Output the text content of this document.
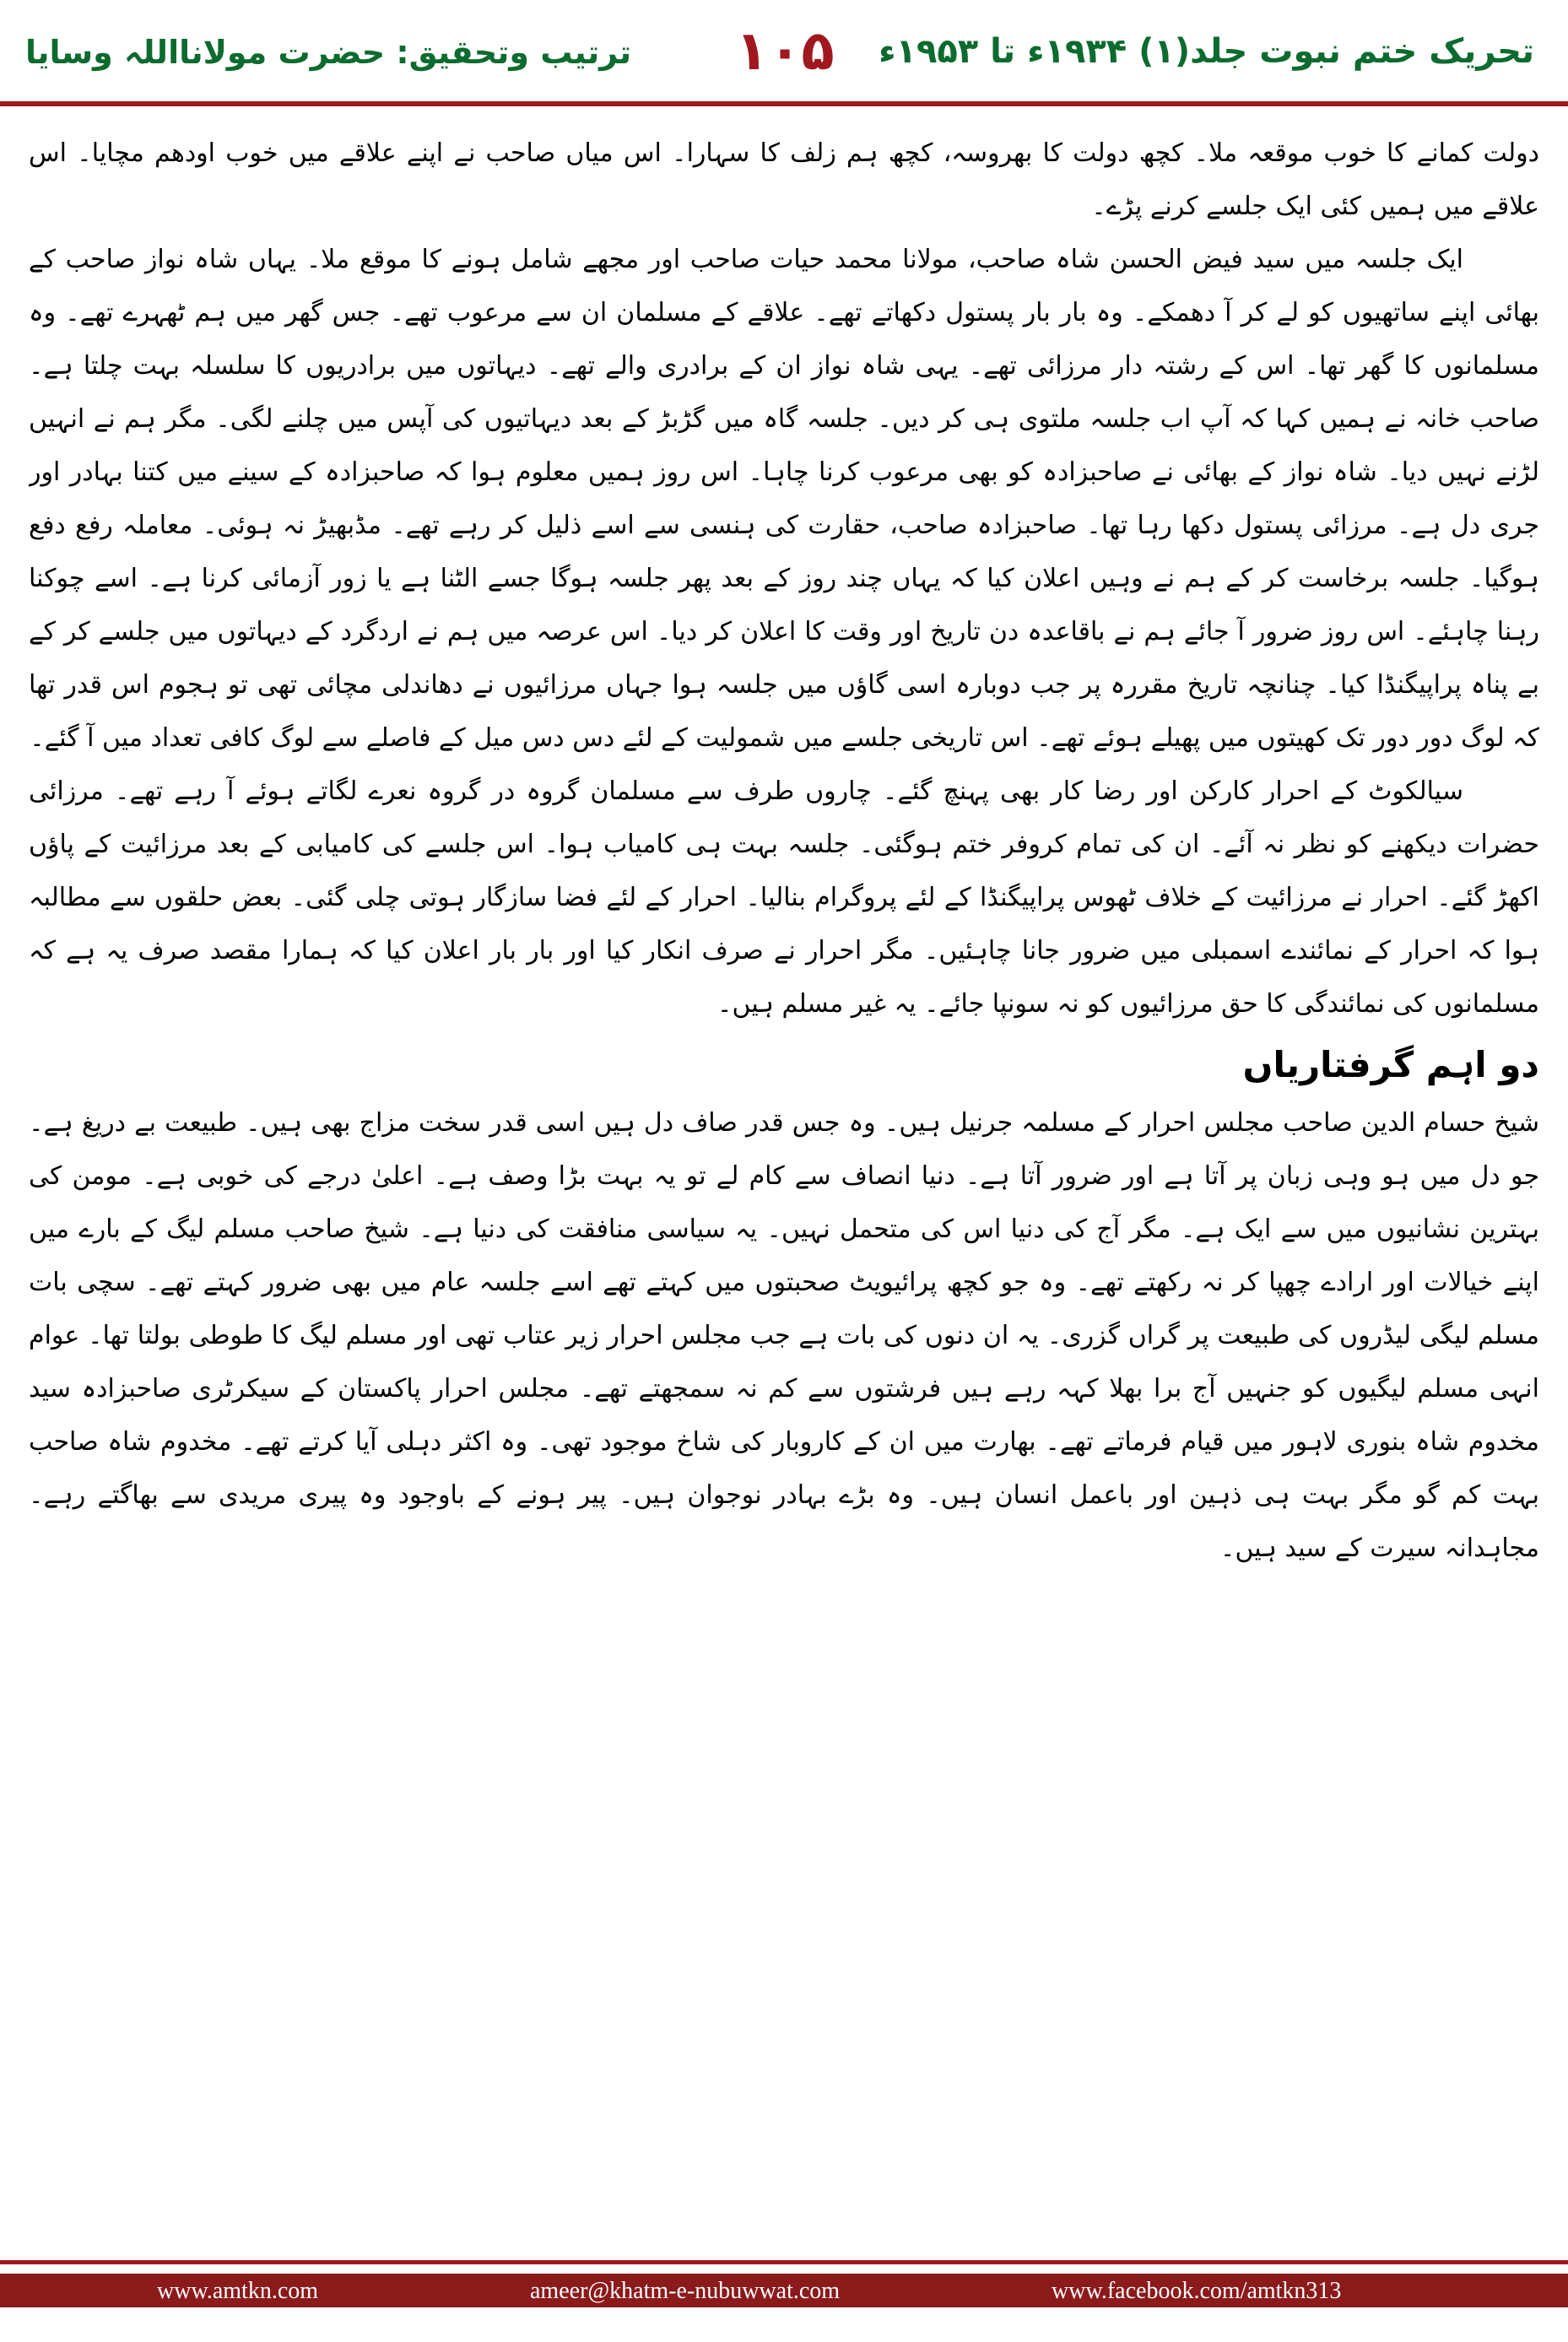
تحریک ختم نبوت جلد(۱) ۱۹۳۴ء تا ۱۹۵۳ء
۱۰۵
ترتیب وتحقیق: حضرت مولانااللہ وسایا

دولت کمانے کا خوب موقعہ ملا۔ کچھ دولت کا بھروسہ، کچھ ہم زلف کا سہارا۔ اس میاں صاحب نے اپنے علاقے میں خوب اودھم مچایا۔ اس علاقے میں ہمیں کئی ایک جلسے کرنے پڑے۔

ایک جلسہ میں سید فیض الحسن شاہ صاحب، مولانا محمد حیات صاحب اور مجھے شامل ہونے کا موقع ملا۔ یہاں شاہ نواز صاحب کے بھائی اپنے ساتھیوں کو لے کر آ دھمکے۔ وہ بار بار پستول دکھاتے تھے۔ علاقے کے مسلمان ان سے مرعوب تھے۔ جس گھر میں ہم ٹھہرے تھے۔ وہ مسلمانوں کا گھر تھا۔ اس کے رشتہ دار مرزائی تھے۔ یہی شاہ نواز ان کے برادری والے تھے۔ دیہاتوں میں برادریوں کا سلسلہ بہت چلتا ہے۔ صاحب خانہ نے ہمیں کہا کہ آپ اب جلسہ ملتوی ہی کر دیں۔ جلسہ گاہ میں گڑبڑ کے بعد دیہاتیوں کی آپس میں چلنے لگی۔ مگر ہم نے انہیں لڑنے نہیں دیا۔ شاہ نواز کے بھائی نے صاحبزادہ کو بھی مرعوب کرنا چاہا۔ اس روز ہمیں معلوم ہوا کہ صاحبزادہ کے سینے میں کتنا بہادر اور جری دل ہے۔ مرزائی پستول دکھا رہا تھا۔ صاحبزادہ صاحب، حقارت کی ہنسی سے اسے ذلیل کر رہے تھے۔ مڈبھیڑ نہ ہوئی۔ معاملہ رفع دفع ہوگیا۔ جلسہ برخاست کر کے ہم نے وہیں اعلان کیا کہ یہاں چند روز کے بعد پھر جلسہ ہوگا جسے الٹنا ہے یا زور آزمائی کرنا ہے۔ اسے چوکنا رہنا چاہئے۔ اس روز ضرور آ جائے ہم نے باقاعدہ دن تاریخ اور وقت کا اعلان کر دیا۔ اس عرصہ میں ہم نے اردگرد کے دیہاتوں میں جلسے کر کے بے پناہ پراپیگنڈا کیا۔ چنانچہ تاریخ مقررہ پر جب دوبارہ اسی گاؤں میں جلسہ ہوا جہاں مرزائیوں نے دھاندلی مچائی تھی تو ہجوم اس قدر تھا کہ لوگ دور دور تک کھیتوں میں پھیلے ہوئے تھے۔ اس تاریخی جلسے میں شمولیت کے لئے دس دس میل کے فاصلے سے لوگ کافی تعداد میں آ گئے۔

سیالکوٹ کے احرار کارکن اور رضا کار بھی پہنچ گئے۔ چاروں طرف سے مسلمان گروہ در گروہ نعرے لگاتے ہوئے آ رہے تھے۔ مرزائی حضرات دیکھنے کو نظر نہ آئے۔ ان کی تمام کروفر ختم ہوگئی۔ جلسہ بہت ہی کامیاب ہوا۔ اس جلسے کی کامیابی کے بعد مرزائیت کے پاؤں اکھڑ گئے۔ احرار نے مرزائیت کے خلاف ٹھوس پراپیگنڈا کے لئے پروگرام بنالیا۔ احرار کے لئے فضا سازگار ہوتی چلی گئی۔ بعض حلقوں سے مطالبہ ہوا کہ احرار کے نمائندے اسمبلی میں ضرور جانا چاہئیں۔ مگر احرار نے صرف انکار کیا اور بار بار اعلان کیا کہ ہمارا مقصد صرف یہ ہے کہ مسلمانوں کی نمائندگی کا حق مرزائیوں کو نہ سونپا جائے۔ یہ غیر مسلم ہیں۔

دو اہم گرفتاریاں

شیخ حسام الدین صاحب مجلس احرار کے مسلمہ جرنیل ہیں۔ وہ جس قدر صاف دل ہیں اسی قدر سخت مزاج بھی ہیں۔ طبیعت بے دریغ ہے۔ جو دل میں ہو وہی زبان پر آتا ہے اور ضرور آتا ہے۔ دنیا انصاف سے کام لے تو یہ بہت بڑا وصف ہے۔ اعلیٰ درجے کی خوبی ہے۔ مومن کی بہترین نشانیوں میں سے ایک ہے۔ مگر آج کی دنیا اس کی متحمل نہیں۔ یہ سیاسی منافقت کی دنیا ہے۔ شیخ صاحب مسلم لیگ کے بارے میں اپنے خیالات اور ارادے چھپا کر نہ رکھتے تھے۔ وہ جو کچھ پرائیویٹ صحبتوں میں کہتے تھے اسے جلسہ عام میں بھی ضرور کہتے تھے۔ سچی بات مسلم لیگی لیڈروں کی طبیعت پر گراں گزری۔ یہ ان دنوں کی بات ہے جب مجلس احرار زیر عتاب تھی اور مسلم لیگ کا طوطی بولتا تھا۔ عوام انہی مسلم لیگیوں کو جنہیں آج برا بھلا کہہ رہے ہیں فرشتوں سے کم نہ سمجھتے تھے۔ مجلس احرار پاکستان کے سیکرٹری صاحبزادہ سید مخدوم شاہ بنوری لاہور میں قیام فرماتے تھے۔ بھارت میں ان کے کاروبار کی شاخ موجود تھی۔ وہ اکثر دہلی آیا کرتے تھے۔ مخدوم شاہ صاحب بہت کم گو مگر بہت ہی ذہین اور باعمل انسان ہیں۔ وہ بڑے بہادر نوجوان ہیں۔ پیر ہونے کے باوجود وہ پیری مریدی سے بھاگتے رہے۔ مجاہدانہ سیرت کے سید ہیں۔

www.amtkn.com	ameer@khatm-e-nubuwwat.com	www.facebook.com/amtkn313
